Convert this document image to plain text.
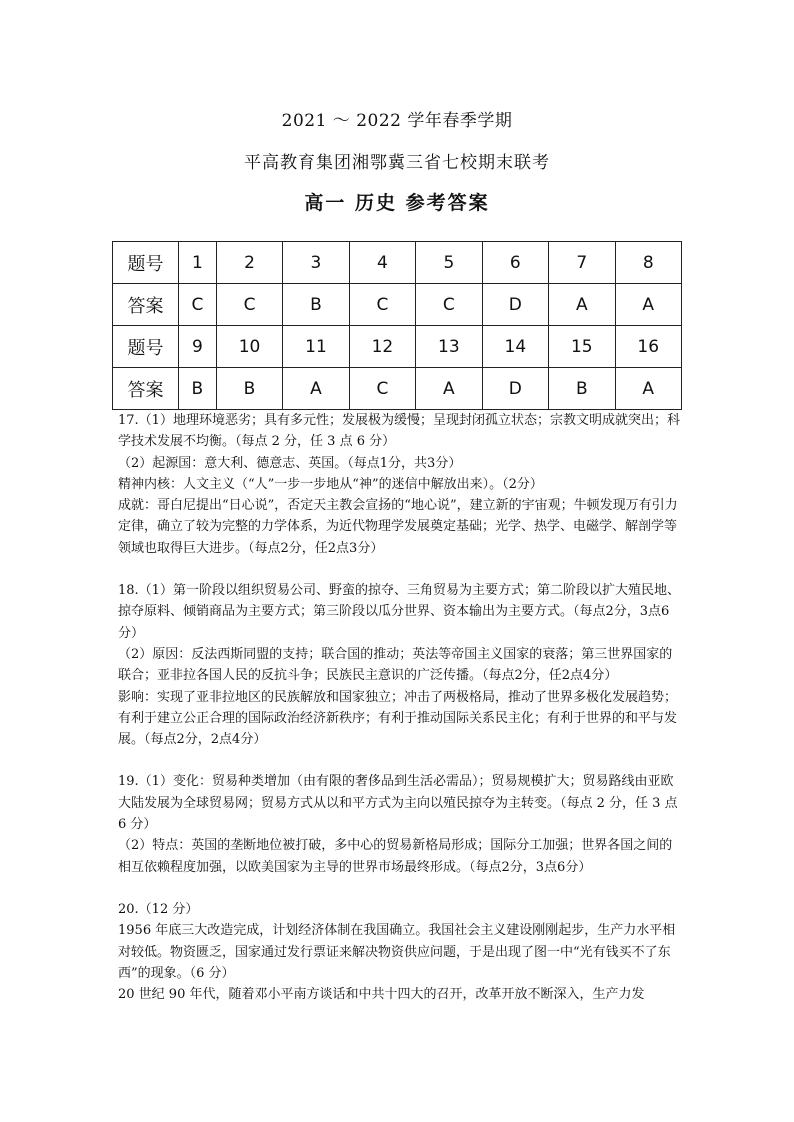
2021 ～ 2022 学年春季学期
平高教育集团湘鄂冀三省七校期末联考
高一 历史 参考答案
题号	1	2	3	4	5	6	7	8
答案	C	C	B	C	C	D	A	A
题号	9	10	11	12	13	14	15	16
答案	B	B	A	C	A	D	B	A

17.（1）地理环境恶劣；具有多元性；发展极为缓慢；呈现封闭孤立状态；宗教文明成就突出；科学技术发展不均衡。（每点 2 分，任 3 点 6 分）

（2）起源国：意大利、德意志、英国。（每点1分，共3分）

精神内核：人文主义（“人”一步一步地从“神”的迷信中解放出来）。（2分）

成就：哥白尼提出“日心说”，否定天主教会宣扬的“地心说”，建立新的宇宙观；牛顿发现万有引力定律，确立了较为完整的力学体系，为近代物理学发展奠定基础；光学、热学、电磁学、解剖学等领域也取得巨大进步。（每点2分，任2点3分）

18.（1）第一阶段以组织贸易公司、野蛮的掠夺、三角贸易为主要方式；第二阶段以扩大殖民地、掠夺原料、倾销商品为主要方式；第三阶段以瓜分世界、资本输出为主要方式。（每点2分，3点6分）

（2）原因：反法西斯同盟的支持；联合国的推动；英法等帝国主义国家的衰落；第三世界国家的联合；亚非拉各国人民的反抗斗争；民族民主意识的广泛传播。（每点2分，任2点4分）

影响：实现了亚非拉地区的民族解放和国家独立；冲击了两极格局，推动了世界多极化发展趋势；有利于建立公正合理的国际政治经济新秩序；有利于推动国际关系民主化；有利于世界的和平与发展。（每点2分，2点4分）

19.（1）变化：贸易种类增加（由有限的奢侈品到生活必需品）；贸易规模扩大；贸易路线由亚欧大陆发展为全球贸易网；贸易方式从以和平方式为主向以殖民掠夺为主转变。（每点 2 分，任 3 点 6 分）

（2）特点：英国的垄断地位被打破，多中心的贸易新格局形成；国际分工加强；世界各国之间的相互依赖程度加强，以欧美国家为主导的世界市场最终形成。（每点2分，3点6分）

20.（12 分）

1956 年底三大改造完成，计划经济体制在我国确立。我国社会主义建设刚刚起步，生产力水平相对较低。物资匮乏，国家通过发行票证来解决物资供应问题，于是出现了图一中“光有钱买不了东西”的现象。（6 分）

20 世纪 90 年代，随着邓小平南方谈话和中共十四大的召开，改革开放不断深入，生产力发
